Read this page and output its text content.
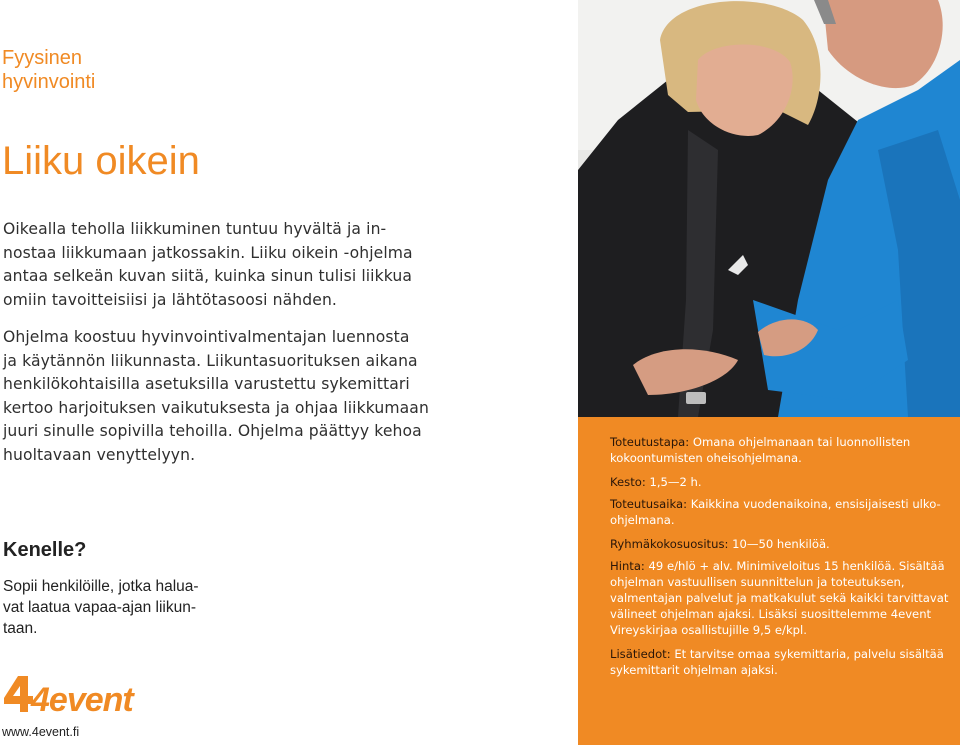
Fyysinen
hyvinvointi

Liiku oikein

Oikealla teholla liikkuminen tuntuu hyvältä ja in-
nostaa liikkumaan jatkossakin. Liiku oikein -ohjelma
antaa selkeän kuvan siitä, kuinka sinun tulisi liikkua
omiin tavoitteisiisi ja lähtötasoosi nähden.

Ohjelma koostuu hyvinvointivalmentajan luennosta
ja käytännön liikunnasta. Liikuntasuorituksen aikana
henkilökohtaisilla asetuksilla varustettu sykemittari
kertoo harjoituksen vaikutuksesta ja ohjaa liikkumaan
juuri sinulle sopivilla tehoilla. Ohjelma päättyy kehoa
huoltavaan venyttelyyn.

Kenelle?

Sopii henkilöille, jotka halua-
vat laatua vapaa-ajan liikun-
taan.

4event
www.4event.fi

Toteutustapa: Omana ohjelmanaan tai luonnollisten kokoontumisten oheisohjelmana.

Kesto: 1,5—2 h.

Toteutusaika: Kaikkina vuodenaikoina, ensisijaisesti ulko-ohjelmana.

Ryhmäkokosuositus: 10—50 henkilöä.

Hinta: 49 e/hlö + alv. Minimiveloitus 15 henkilöä. Sisältää ohjelman vastuullisen suunnittelun ja toteutuksen, valmentajan palvelut ja matkakulut sekä kaikki tarvittavat välineet ohjelman ajaksi. Lisäksi suosittelemme 4event Vireyskirjaa osallistujille 9,5 e/kpl.

Lisätiedot: Et tarvitse omaa sykemittaria, palvelu sisältää sykemittarit ohjelman ajaksi.
